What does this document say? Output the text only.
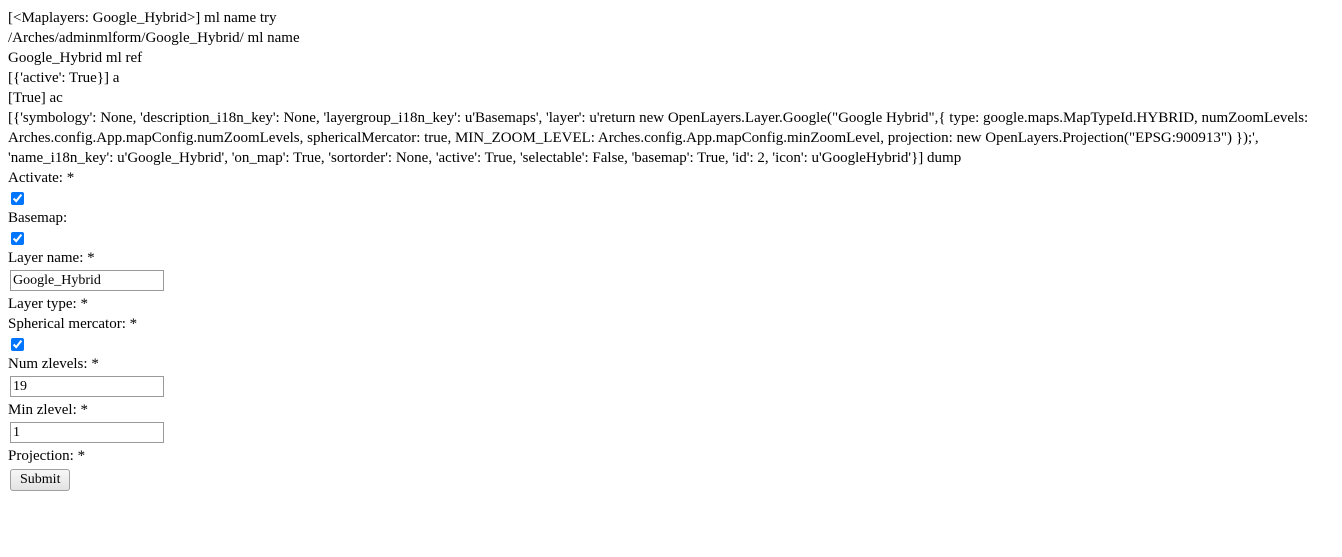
[<Maplayers: Google_Hybrid>] ml name try
/Arches/adminmlform/Google_Hybrid/ ml name
Google_Hybrid ml ref
[{'active': True}] a
[True] ac
[{'symbology': None, 'description_i18n_key': None, 'layergroup_i18n_key': u'Basemaps', 'layer': u'return new OpenLayers.Layer.Google("Google Hybrid",{ type: google.maps.MapTypeId.HYBRID, numZoomLevels: Arches.config.App.mapConfig.numZoomLevels, sphericalMercator: true, MIN_ZOOM_LEVEL: Arches.config.App.mapConfig.minZoomLevel, projection: new OpenLayers.Projection("EPSG:900913") });', 'name_i18n_key': u'Google_Hybrid', 'on_map': True, 'sortorder': None, 'active': True, 'selectable': False, 'basemap': True, 'id': 2, 'icon': u'GoogleHybrid'}] dump
Activate: *
Basemap:
Layer name: *
Google_Hybrid
Layer type: *
Spherical mercator: *
Num zlevels: *
19
Min zlevel: *
1
Projection: *
Submit
